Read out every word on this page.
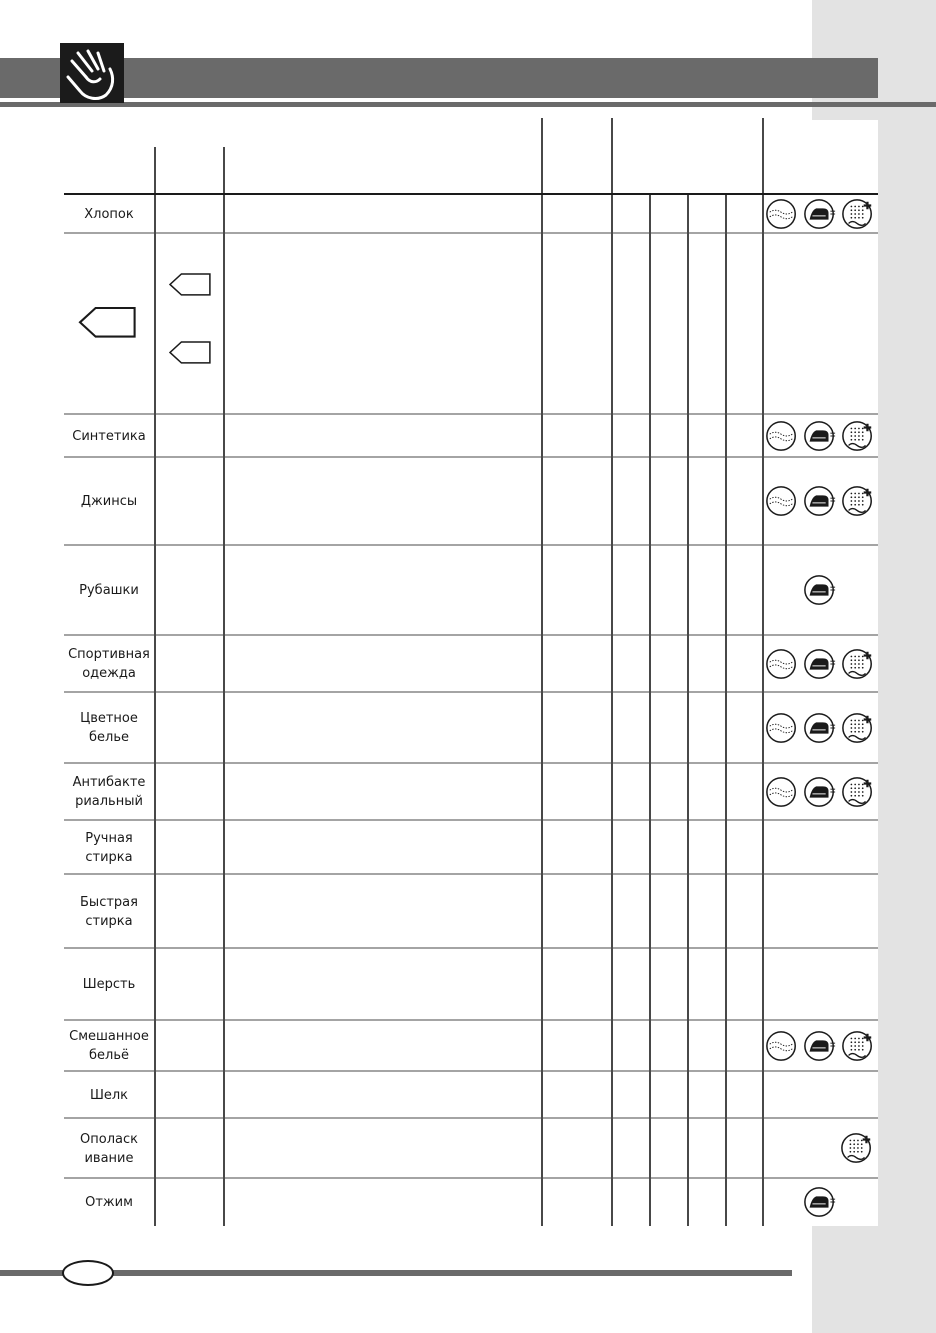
Хлопок
Синтетика
Джинсы
Рубашки
Спортивная
одежда
Цветное
белье
Антибакте
риальный
Ручная
стирка
Быстрая
стирка
Шерсть
Смешанное
бельё
Шелк
Ополаск
ивание
Отжим
